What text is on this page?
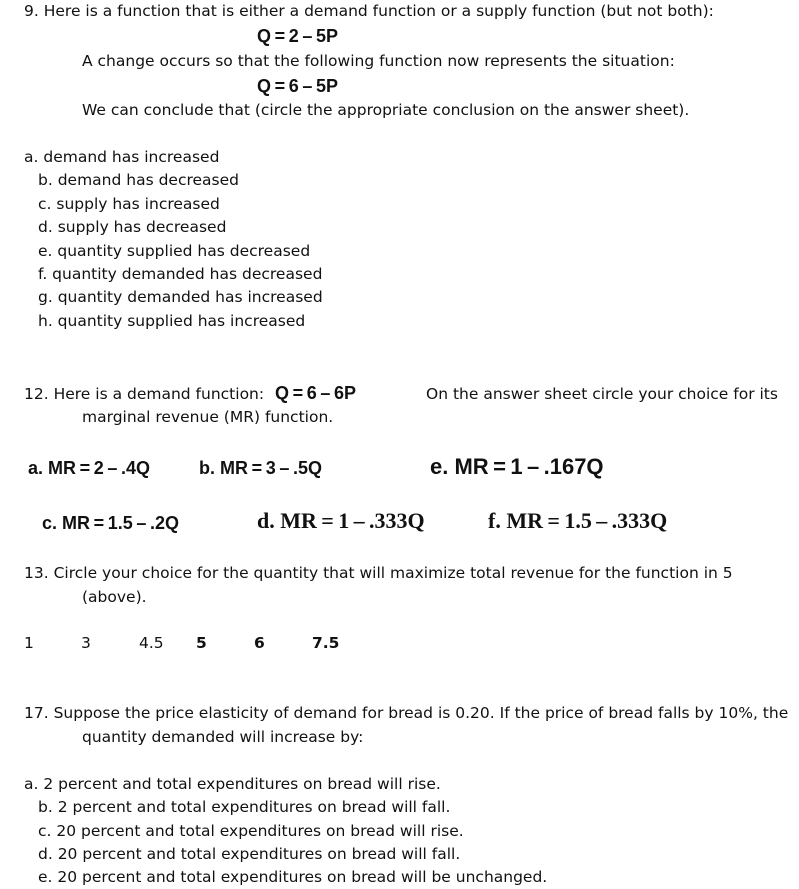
9. Here is a function that is either a demand function or a supply function (but not both):
Q = 2 – 5P
A change occurs so that the following function now represents the situation:
Q = 6 – 5P
We can conclude that (circle the appropriate conclusion on the answer sheet).
a. demand has increased
b. demand has decreased
c. supply has increased
d. supply has decreased
e. quantity supplied has decreased
f. quantity demanded has decreased
g. quantity demanded has increased
h. quantity supplied has increased
12. Here is a demand function: Q = 6 – 6P	On the answer sheet circle your choice for its
marginal revenue (MR) function.
a. MR = 2 – .4Q	b. MR = 3 – .5Q	e. MR = 1 – .167Q
c. MR = 1.5 – .2Q	d. MR = 1 – .333Q	f. MR = 1.5 – .333Q
13. Circle your choice for the quantity that will maximize total revenue for the function in 5
(above).
1	3	4.5 5	6	7.5
17. Suppose the price elasticity of demand for bread is 0.20. If the price of bread falls by 10%, the
quantity demanded will increase by:
a. 2 percent and total expenditures on bread will rise.
b. 2 percent and total expenditures on bread will fall.
c. 20 percent and total expenditures on bread will rise.
d. 20 percent and total expenditures on bread will fall.
e. 20 percent and total expenditures on bread will be unchanged.
